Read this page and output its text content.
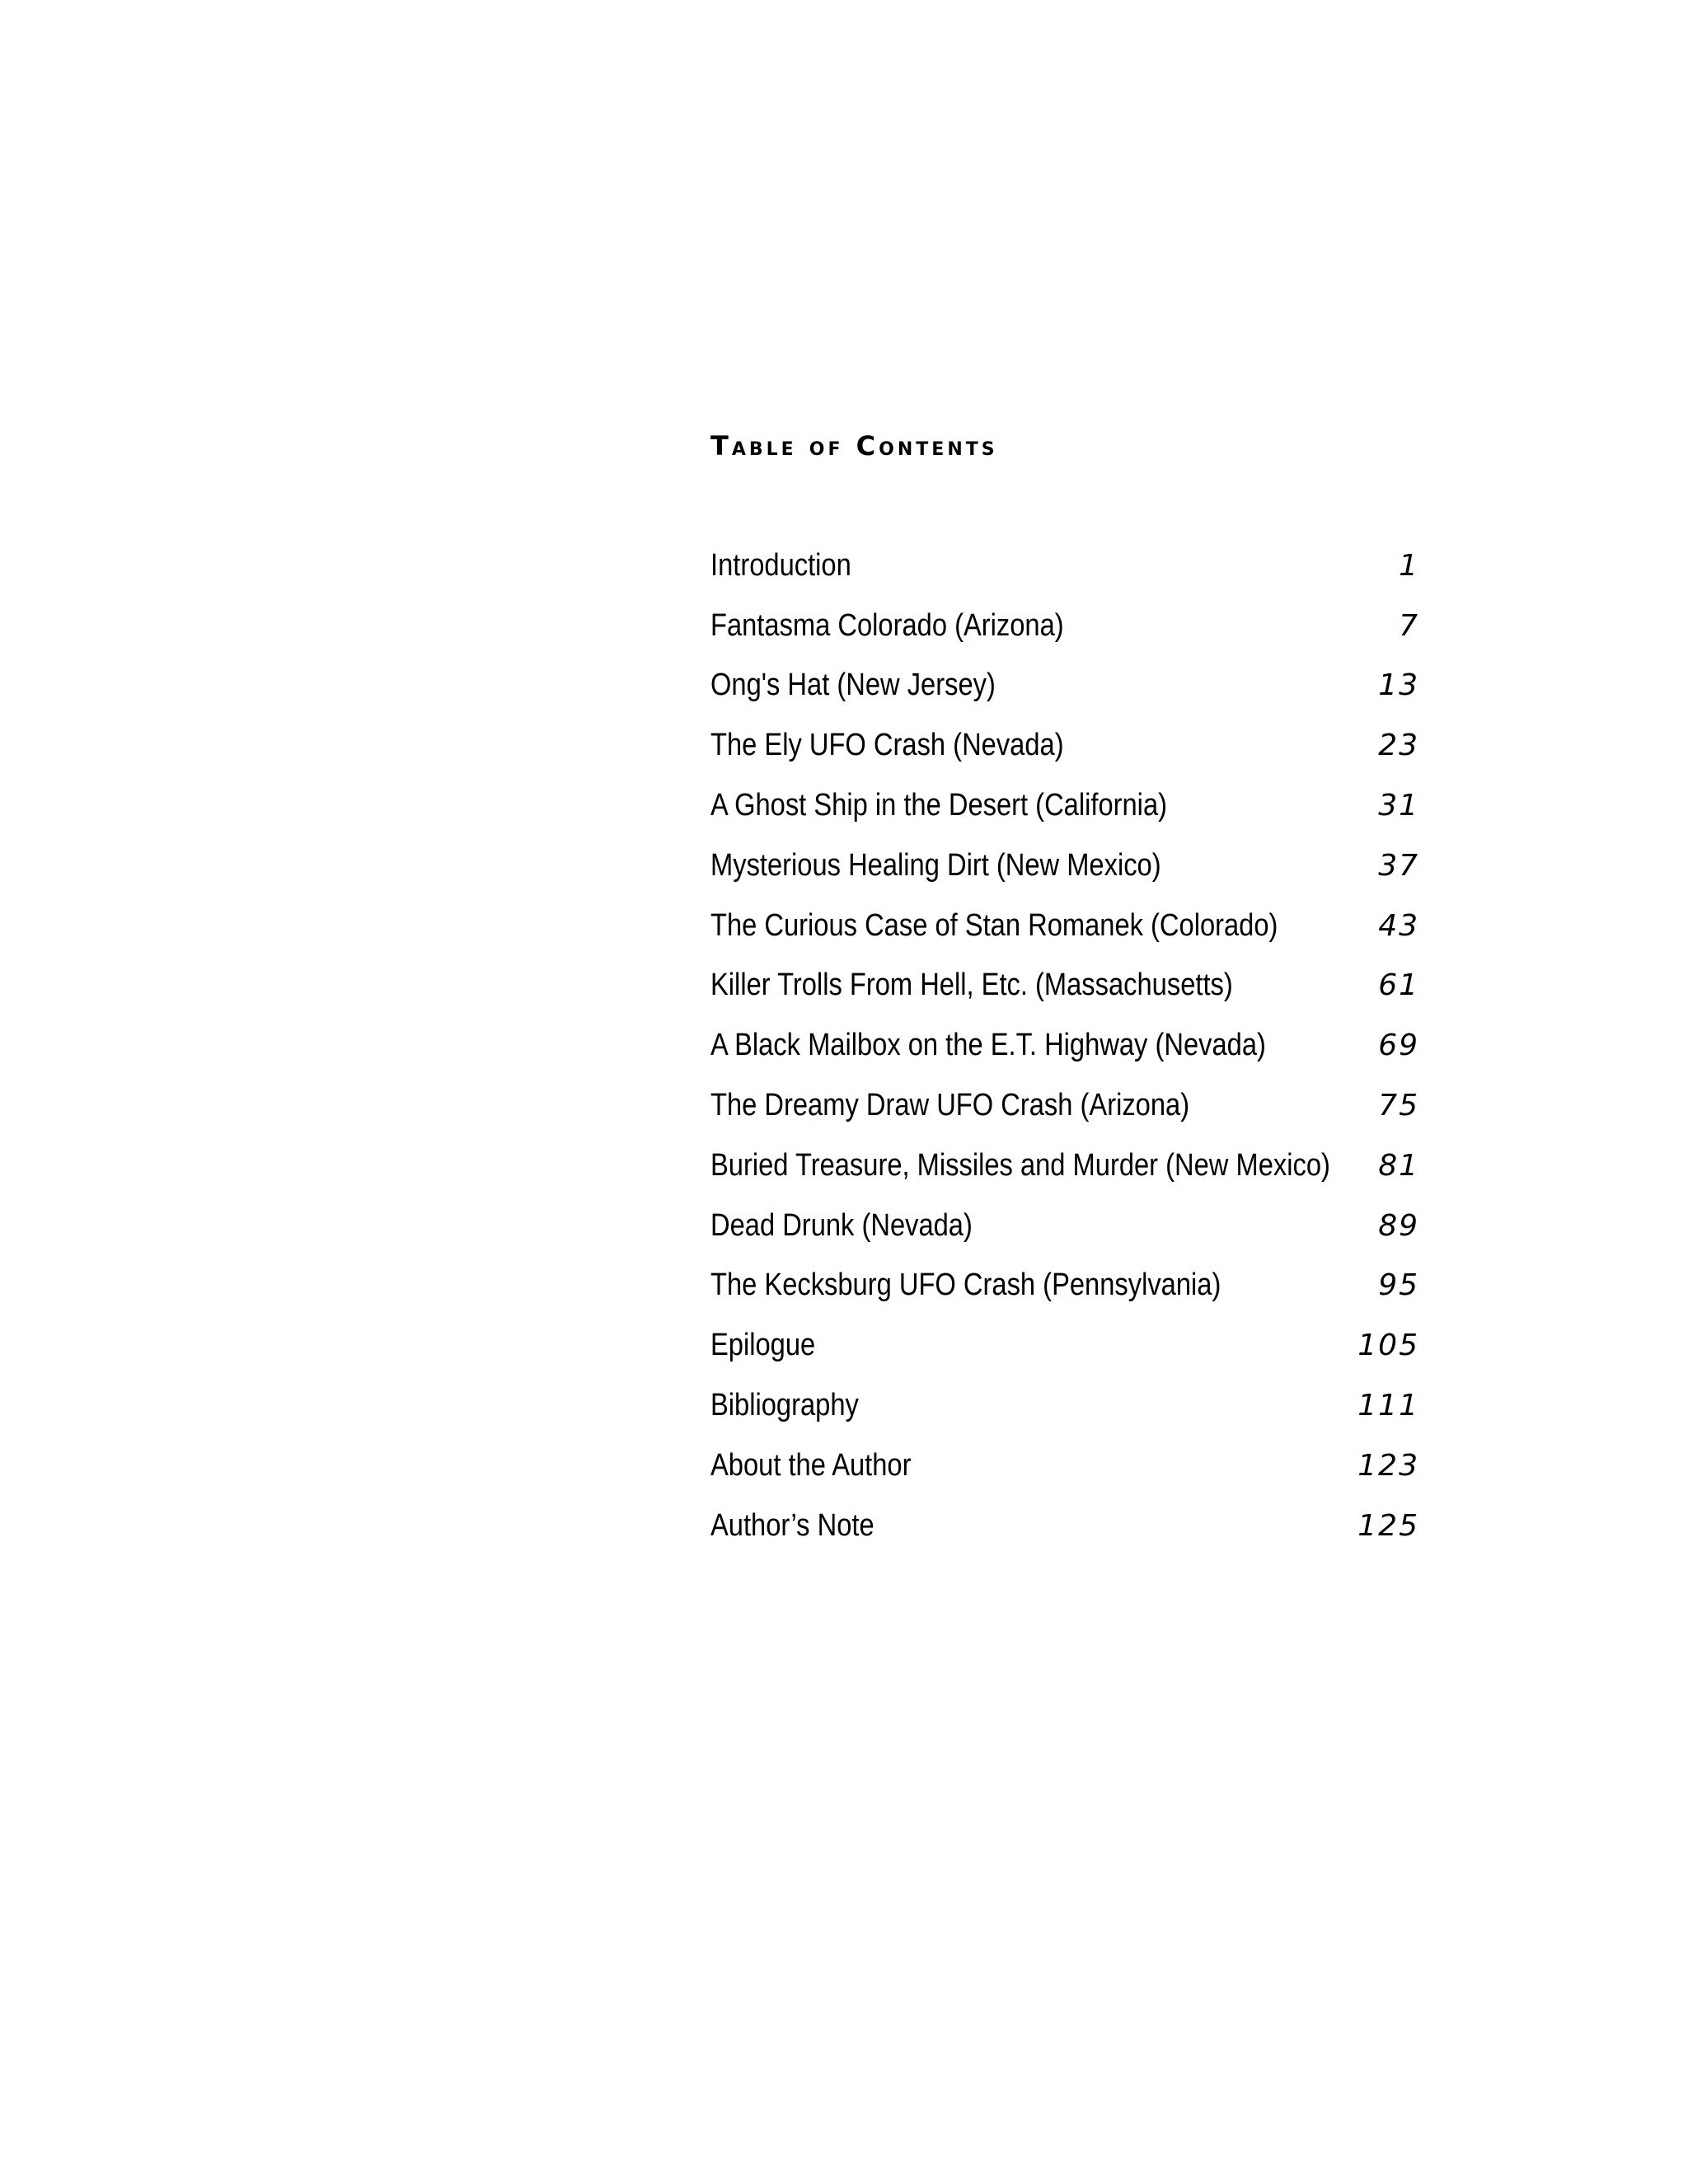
Table of Contents
Introduction	1
Fantasma Colorado (Arizona)	7
Ong's Hat (New Jersey)	13
The Ely UFO Crash (Nevada)	23
A Ghost Ship in the Desert (California)	31
Mysterious Healing Dirt (New Mexico)	37
The Curious Case of Stan Romanek (Colorado)	43
Killer Trolls From Hell, Etc. (Massachusetts)	61
A Black Mailbox on the E.T. Highway (Nevada)	69
The Dreamy Draw UFO Crash (Arizona)	75
Buried Treasure, Missiles and Murder (New Mexico) 81
Dead Drunk (Nevada)	89
The Kecksburg UFO Crash (Pennsylvania)	95
Epilogue	105
Bibliography	111
About the Author	123
Author’s Note	125
